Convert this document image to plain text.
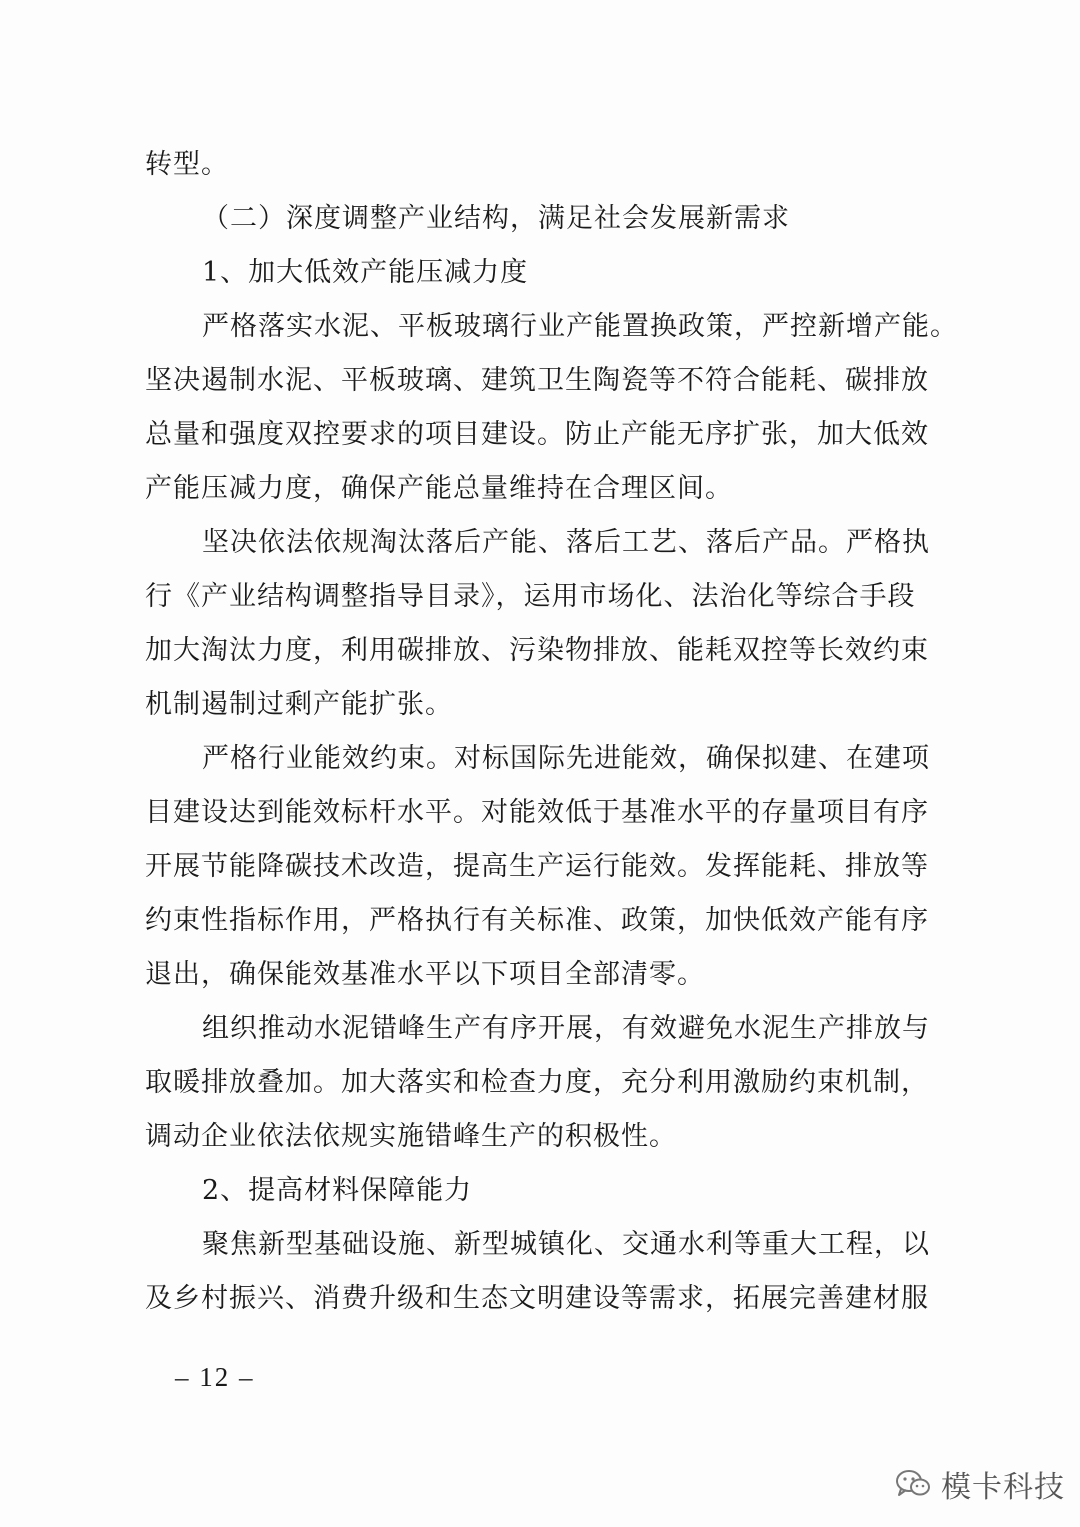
转型。
（二）深度调整产业结构，满足社会发展新需求
1、加大低效产能压减力度
严格落实水泥、平板玻璃行业产能置换政策，严控新增产能。
坚决遏制水泥、平板玻璃、建筑卫生陶瓷等不符合能耗、碳排放
总量和强度双控要求的项目建设。防止产能无序扩张，加大低效
产能压减力度，确保产能总量维持在合理区间。
坚决依法依规淘汰落后产能、落后工艺、落后产品。严格执
行《产业结构调整指导目录》，运用市场化、法治化等综合手段
加大淘汰力度，利用碳排放、污染物排放、能耗双控等长效约束
机制遏制过剩产能扩张。
严格行业能效约束。对标国际先进能效，确保拟建、在建项
目建设达到能效标杆水平。对能效低于基准水平的存量项目有序
开展节能降碳技术改造，提高生产运行能效。发挥能耗、排放等
约束性指标作用，严格执行有关标准、政策，加快低效产能有序
退出，确保能效基准水平以下项目全部清零。
组织推动水泥错峰生产有序开展，有效避免水泥生产排放与
取暖排放叠加。加大落实和检查力度，充分利用激励约束机制，
调动企业依法依规实施错峰生产的积极性。
2、提高材料保障能力
聚焦新型基础设施、新型城镇化、交通水利等重大工程，以
及乡村振兴、消费升级和生态文明建设等需求，拓展完善建材服
– 12 –
模卡科技
